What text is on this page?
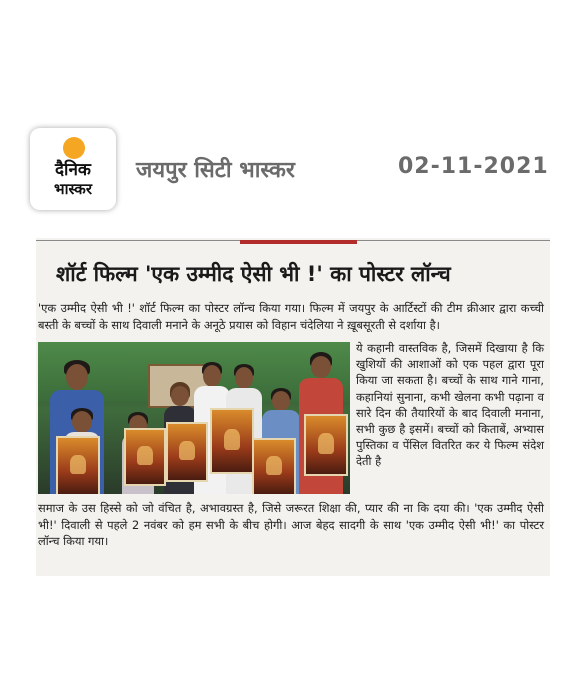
दैनिक
भास्कर
जयपुर सिटी भास्कर	02-11-2021
शॉर्ट फिल्म 'एक उम्मीद ऐसी भी !' का पोस्टर लॉन्च
'एक उम्मीद ऐसी भी !' शॉर्ट फिल्म का पोस्टर लॉन्च किया गया। फिल्म में जयपुर के आर्टिस्टों की टीम क्रीआर द्वारा कच्ची बस्ती के बच्चों के साथ दिवाली मनाने के अनूठे प्रयास को विहान चंदेलिया ने ख़ूबसूरती से दर्शाया है।
ये कहानी वास्तविक है, जिसमें दिखाया है कि खुशियों की आशाओं को एक पहल द्वारा पूरा किया जा सकता है। बच्चों के साथ गाने गाना, कहानियां सुनाना, कभी खेलना कभी पढ़ाना व सारे दिन की तैयारियों के बाद दिवाली मनाना, सभी कुछ है इसमें। बच्चों को किताबें, अभ्यास पुस्तिका व पेंसिल वितरित कर ये फिल्म संदेश देती है
समाज के उस हिस्से को जो वंचित है, अभावग्रस्त है, जिसे जरूरत शिक्षा की, प्यार की ना कि दया की। 'एक उम्मीद ऐसी भी!' दिवाली से पहले 2 नवंबर को हम सभी के बीच होगी। आज बेहद सादगी के साथ 'एक उम्मीद ऐसी भी!' का पोस्टर लॉन्च किया गया।
